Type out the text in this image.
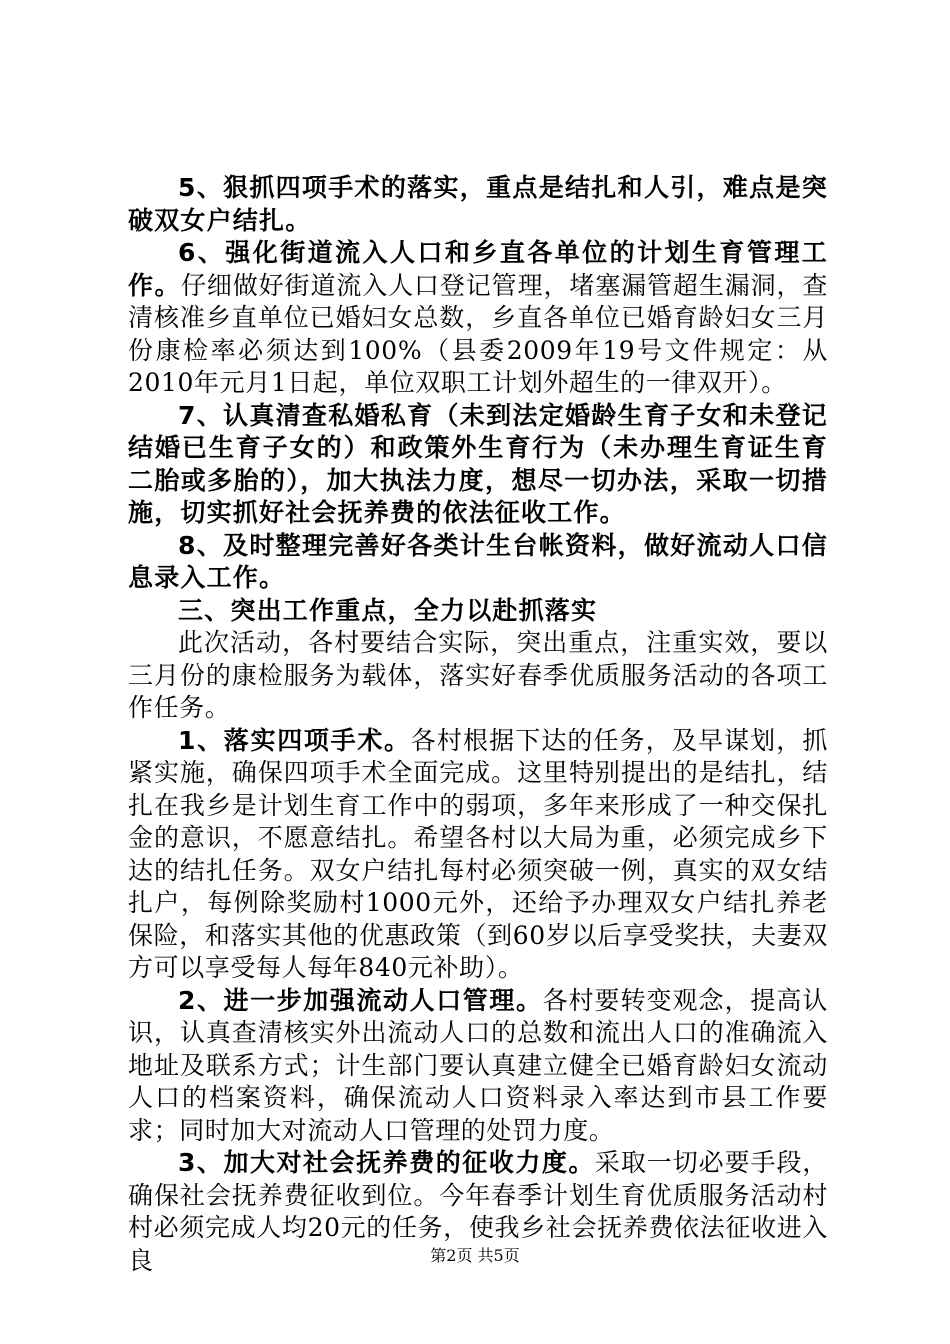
5、狠抓四项手术的落实，重点是结扎和人引，难点是突破双女户结扎。

6、强化街道流入人口和乡直各单位的计划生育管理工作。仔细做好街道流入人口登记管理，堵塞漏管超生漏洞，查清核准乡直单位已婚妇女总数，乡直各单位已婚育龄妇女三月份康检率必须达到100%（县委2009年19号文件规定：从2010年元月1日起，单位双职工计划外超生的一律双开）。

7、认真清查私婚私育（未到法定婚龄生育子女和未登记结婚已生育子女的）和政策外生育行为（未办理生育证生育二胎或多胎的），加大执法力度，想尽一切办法，采取一切措施，切实抓好社会抚养费的依法征收工作。

8、及时整理完善好各类计生台帐资料，做好流动人口信息录入工作。

三、突出工作重点，全力以赴抓落实

此次活动，各村要结合实际，突出重点，注重实效，要以三月份的康检服务为载体，落实好春季优质服务活动的各项工作任务。

1、落实四项手术。各村根据下达的任务，及早谋划，抓紧实施，确保四项手术全面完成。这里特别提出的是结扎，结扎在我乡是计划生育工作中的弱项，多年来形成了一种交保扎金的意识，不愿意结扎。希望各村以大局为重，必须完成乡下达的结扎任务。双女户结扎每村必须突破一例，真实的双女结扎户，每例除奖励村1000元外，还给予办理双女户结扎养老保险，和落实其他的优惠政策（到60岁以后享受奖扶，夫妻双方可以享受每人每年840元补助）。

2、进一步加强流动人口管理。各村要转变观念，提高认识，认真查清核实外出流动人口的总数和流出人口的准确流入地址及联系方式；计生部门要认真建立健全已婚育龄妇女流动人口的档案资料，确保流动人口资料录入率达到市县工作要求；同时加大对流动人口管理的处罚力度。

3、加大对社会抚养费的征收力度。采取一切必要手段，确保社会抚养费征收到位。今年春季计划生育优质服务活动村村必须完成人均20元的任务，使我乡社会抚养费依法征收进入良	第2页 共5页
